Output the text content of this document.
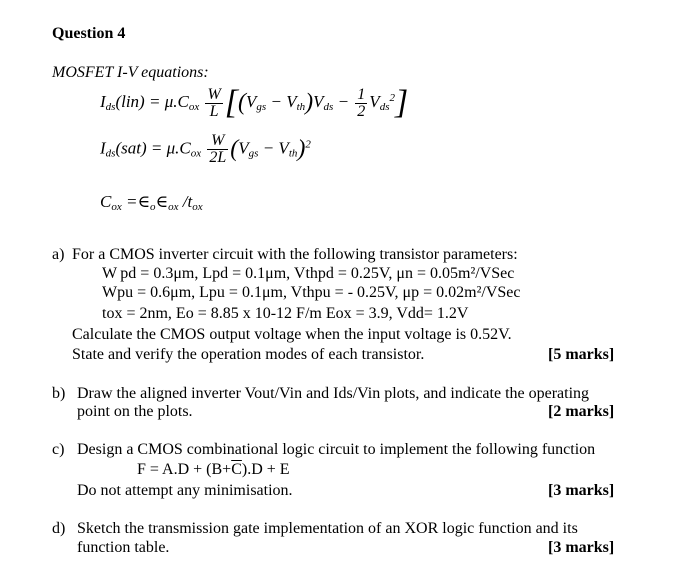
Question 4
MOSFET I-V equations:
$I_{ds}(lin) = \mu.C_{ox} \frac{W}{L} [(V_{gs} - V_{th})V_{ds} - \frac{1}{2} V_{ds}^2]$
$I_{ds}(sat) = \mu.C_{ox} \frac{W}{2L} (V_{gs} - V_{th})^2$
$C_{ox}$ $=\in_o\in_{ox}$ $/t_{ox}$
a) For a CMOS inverter circuit with the following transistor parameters:
W pd = 0.3μm, Lpd = 0.1μm, Vthpd = 0.25V, μn = 0.05m²/VSec
Wpu = 0.6μm, Lpu = 0.1μm, Vthpu = - 0.25V, μp = 0.02m²/VSec
tox = 2nm, Eo = 8.85 x 10-12 F/m Eox = 3.9, Vdd= 1.2V
Calculate the CMOS output voltage when the input voltage is 0.52V.
State and verify the operation modes of each transistor.	[5 marks]
b) Draw the aligned inverter Vout/Vin and Ids/Vin plots, and indicate the operating
point on the plots.	[2 marks]
c) Design a CMOS combinational logic circuit to implement the following function
$F = A.D + (B+\overline{C}).D + E$
Do not attempt any minimisation.	[3 marks]
d) Sketch the transmission gate implementation of an XOR logic function and its
function table.	[3 marks]
